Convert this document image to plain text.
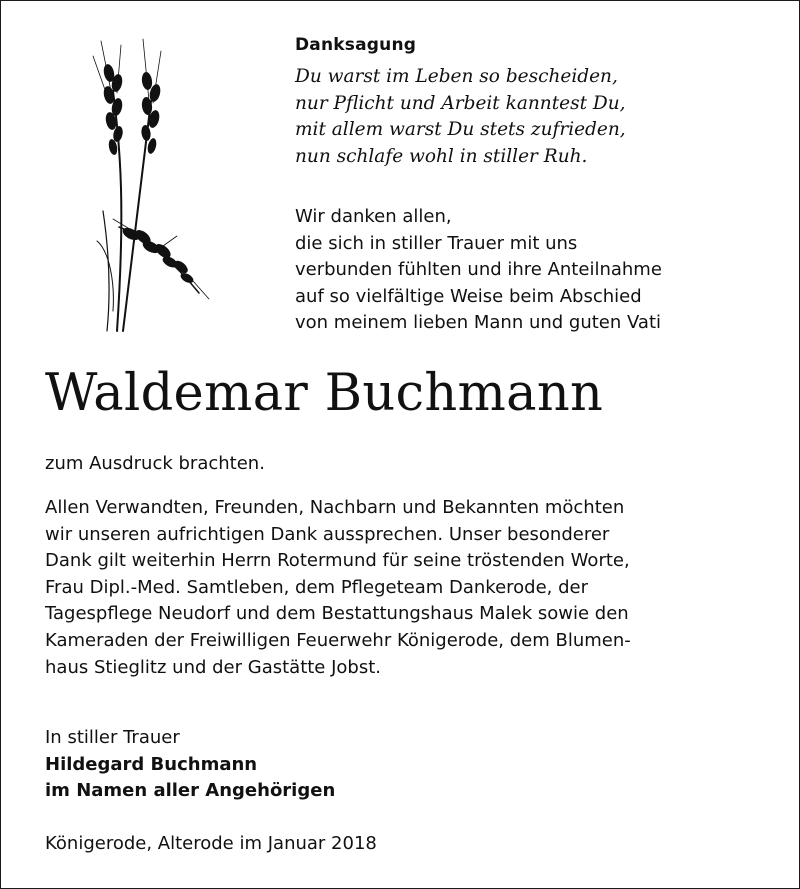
Danksagung
Du warst im Leben so bescheiden,
nur Pflicht und Arbeit kanntest Du,
mit allem warst Du stets zufrieden,
nun schlafe wohl in stiller Ruh.
Wir danken allen,
die sich in stiller Trauer mit uns
verbunden fühlten und ihre Anteilnahme
auf so vielfältige Weise beim Abschied
von meinem lieben Mann und guten Vati
Waldemar Buchmann
zum Ausdruck brachten.
Allen Verwandten, Freunden, Nachbarn und Bekannten möchten
wir unseren aufrichtigen Dank aussprechen. Unser besonderer
Dank gilt weiterhin Herrn Rotermund für seine tröstenden Worte,
Frau Dipl.-Med. Samtleben, dem Pflegeteam Dankerode, der
Tagespflege Neudorf und dem Bestattungshaus Malek sowie den
Kameraden der Freiwilligen Feuerwehr Königerode, dem Blumen-
haus Stieglitz und der Gastätte Jobst.
In stiller Trauer
Hildegard Buchmann
im Namen aller Angehörigen
Königerode, Alterode im Januar 2018
